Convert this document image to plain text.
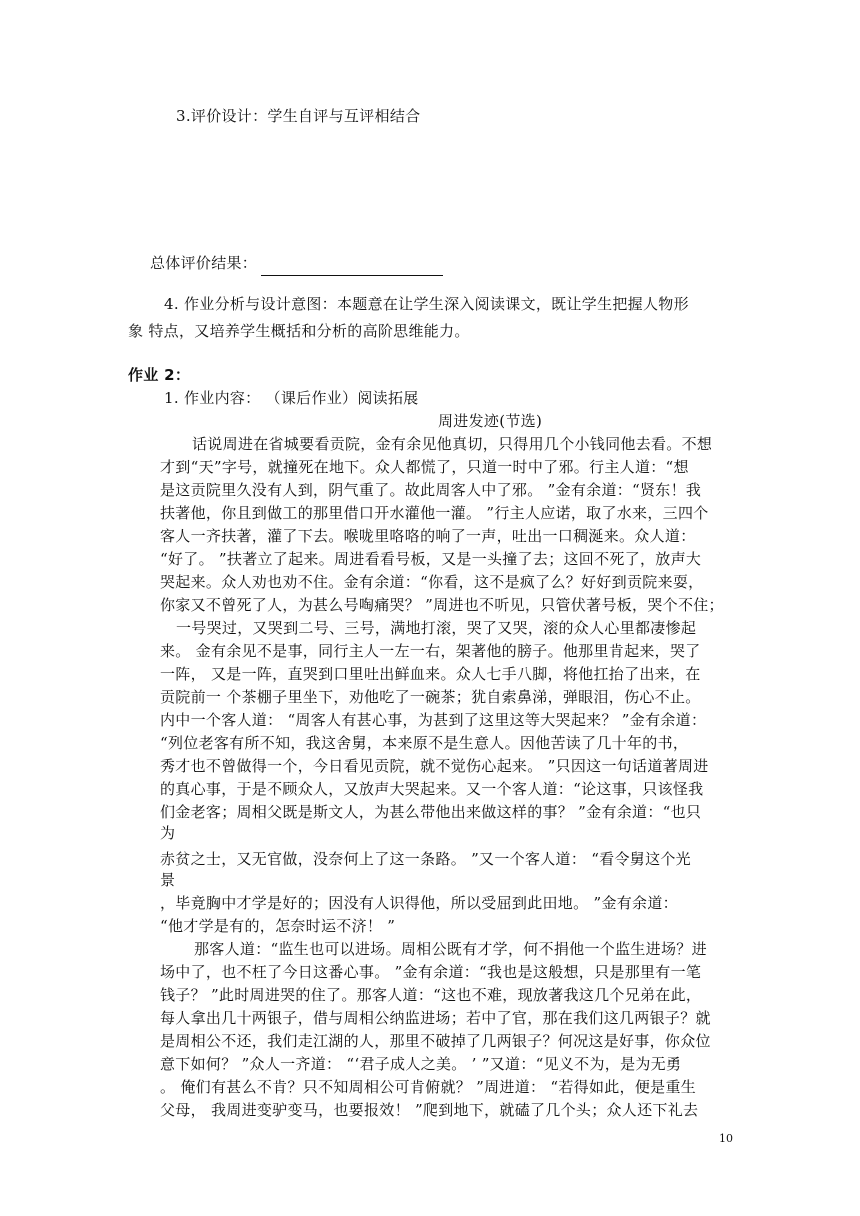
3.评价设计：学生自评与互评相结合
总体评价结果：
4. 作业分析与设计意图：本题意在让学生深入阅读课文，既让学生把握人物形
象 特点，又培养学生概括和分析的高阶思维能力。
作业 2：
1. 作业内容： （课后作业）阅读拓展
周进发迹(节选)
话说周进在省城要看贡院，金有余见他真切，只得用几个小钱同他去看。不想
才到“天”字号，就撞死在地下。众人都慌了，只道一时中了邪。行主人道：“想
是这贡院里久没有人到，阴气重了。故此周客人中了邪。 ”金有余道：“贤东！我
扶著他，你且到做工的那里借口开水灌他一灌。 ”行主人应诺，取了水来，三四个
客人一齐扶著，灌了下去。喉咙里咯咯的响了一声，吐出一口稠涎来。众人道：
“好了。 ”扶著立了起来。周进看看号板，又是一头撞了去；这回不死了，放声大
哭起来。众人劝也劝不住。金有余道：“你看，这不是疯了么？好好到贡院来耍，
你家又不曾死了人，为甚么号啕痛哭？ ”周进也不听见，只管伏著号板，哭个不住；
一号哭过，又哭到二号、三号，满地打滚，哭了又哭，滚的众人心里都凄惨起
来。 金有余见不是事，同行主人一左一右，架著他的膀子。他那里肯起来，哭了
一阵， 又是一阵，直哭到口里吐出鲜血来。众人七手八脚，将他扛抬了出来，在
贡院前一 个茶棚子里坐下，劝他吃了一碗茶；犹自索鼻涕，弹眼泪，伤心不止。
内中一个客人道： “周客人有甚心事，为甚到了这里这等大哭起来？ ”金有余道：
“列位老客有所不知，我这舍舅，本来原不是生意人。因他苦读了几十年的书，
秀才也不曾做得一个，今日看见贡院，就不觉伤心起来。 ”只因这一句话道著周进
的真心事，于是不顾众人，又放声大哭起来。又一个客人道：“论这事，只该怪我
们金老客；周相父既是斯文人，为甚么带他出来做这样的事？ ”金有余道：“也只
为
赤贫之士，又无官做，没奈何上了这一条路。 ”又一个客人道： “看令舅这个光
景
，毕竟胸中才学是好的；因没有人识得他，所以受屈到此田地。 ”金有余道：
“他才学是有的，怎奈时运不济！ ”
那客人道：“监生也可以进场。周相公既有才学，何不捐他一个监生进场？进
场中了，也不枉了今日这番心事。 ”金有余道：“我也是这般想，只是那里有一笔
钱子？ ”此时周进哭的住了。那客人道：“这也不难，现放著我这几个兄弟在此，
每人拿出几十两银子，借与周相公纳监进场；若中了官，那在我们这几两银子？就
是周相公不还，我们走江湖的人，那里不破掉了几两银子？何况这是好事，你众位
意下如何？ ”众人一齐道： “‘君子成人之美。 ’ ”又道：“见义不为，是为无勇
。 俺们有甚么不肯？只不知周相公可肯俯就？ ”周进道： “若得如此，便是重生
父母， 我周进变驴变马，也要报效！ ”爬到地下，就磕了几个头；众人还下礼去
10
